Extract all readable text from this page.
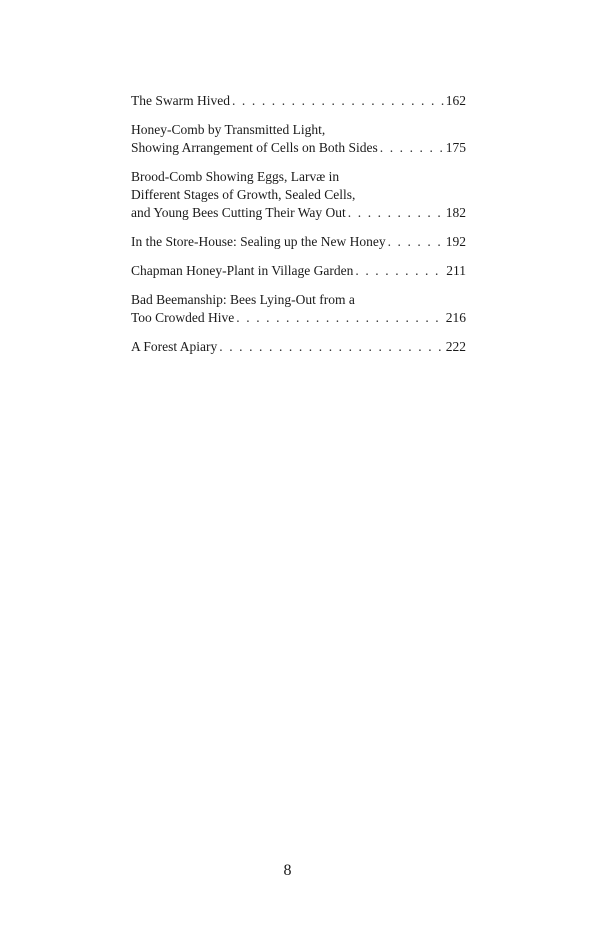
The Swarm Hived . . .	162
Honey-Comb by Transmitted Light,
Showing Arrangement of Cells on Both Sides . . .	175
Brood-Comb Showing Eggs, Larvæ in
Different Stages of Growth, Sealed Cells,
and Young Bees Cutting Their Way Out . . .	182
In the Store-House: Sealing up the New Honey . . .	192
Chapman Honey-Plant in Village Garden . . .	211
Bad Beemanship: Bees Lying-Out from a
Too Crowded Hive . . .	216
A Forest Apiary . . .	222
8
